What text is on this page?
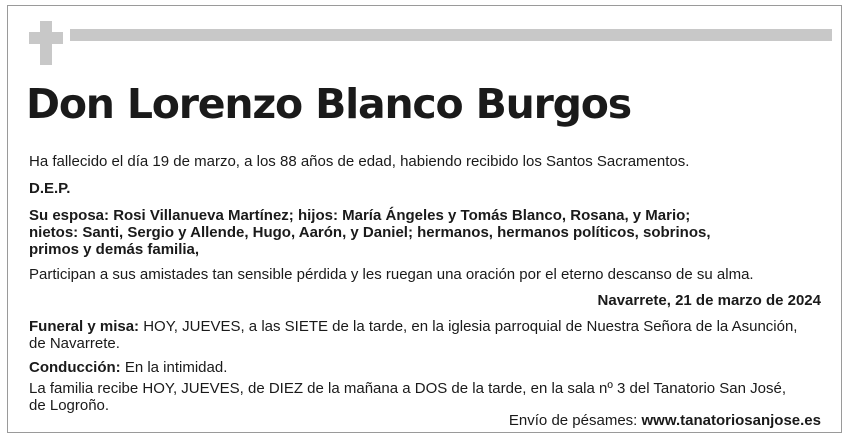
Don Lorenzo Blanco Burgos

Ha fallecido el día 19 de marzo, a los 88 años de edad, habiendo recibido los Santos Sacramentos.

D.E.P.

Su esposa: Rosi Villanueva Martínez; hijos: María Ángeles y Tomás Blanco, Rosana, y Mario;

nietos: Santi, Sergio y Allende, Hugo, Aarón, y Daniel; hermanos, hermanos políticos, sobrinos,

primos y demás familia,

Participan a sus amistades tan sensible pérdida y les ruegan una oración por el eterno descanso de su alma.

Navarrete, 21 de marzo de 2024

Funeral y misa: HOY, JUEVES, a las SIETE de la tarde, en la iglesia parroquial de Nuestra Señora de la Asunción,

de Navarrete.

Conducción: En la intimidad.

La familia recibe HOY, JUEVES, de DIEZ de la mañana a DOS de la tarde, en la sala nº 3 del Tanatorio San José,

de Logroño.

Envío de pésames: www.tanatoriosanjose.es
